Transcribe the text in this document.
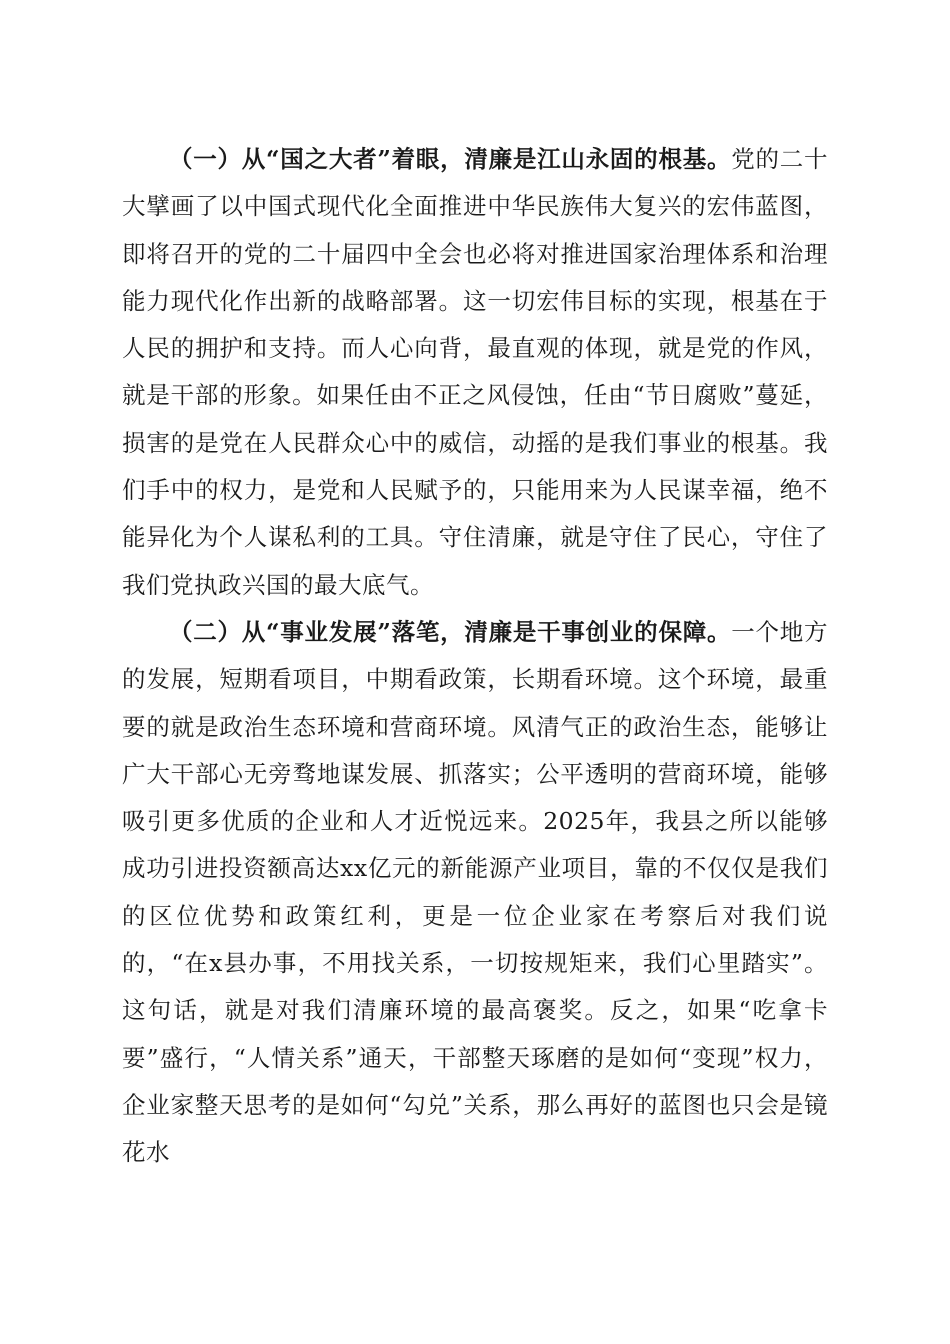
（一）从“国之大者”着眼，清廉是江山永固的根基。党的二十大擘画了以中国式现代化全面推进中华民族伟大复兴的宏伟蓝图，即将召开的党的二十届四中全会也必将对推进国家治理体系和治理能力现代化作出新的战略部署。这一切宏伟目标的实现，根基在于人民的拥护和支持。而人心向背，最直观的体现，就是党的作风，就是干部的形象。如果任由不正之风侵蚀，任由“节日腐败”蔓延，损害的是党在人民群众心中的威信，动摇的是我们事业的根基。我们手中的权力，是党和人民赋予的，只能用来为人民谋幸福，绝不能异化为个人谋私利的工具。守住清廉，就是守住了民心，守住了我们党执政兴国的最大底气。

（二）从“事业发展”落笔，清廉是干事创业的保障。一个地方的发展，短期看项目，中期看政策，长期看环境。这个环境，最重要的就是政治生态环境和营商环境。风清气正的政治生态，能够让广大干部心无旁骛地谋发展、抓落实；公平透明的营商环境，能够吸引更多优质的企业和人才近悦远来。2025年，我县之所以能够成功引进投资额高达xx亿元的新能源产业项目，靠的不仅仅是我们的区位优势和政策红利，更是一位企业家在考察后对我们说的，“在x县办事，不用找关系，一切按规矩来，我们心里踏实”。这句话，就是对我们清廉环境的最高褒奖。反之，如果“吃拿卡要”盛行，“人情关系”通天，干部整天琢磨的是如何“变现”权力，企业家整天思考的是如何“勾兑”关系，那么再好的蓝图也只会是镜花水
